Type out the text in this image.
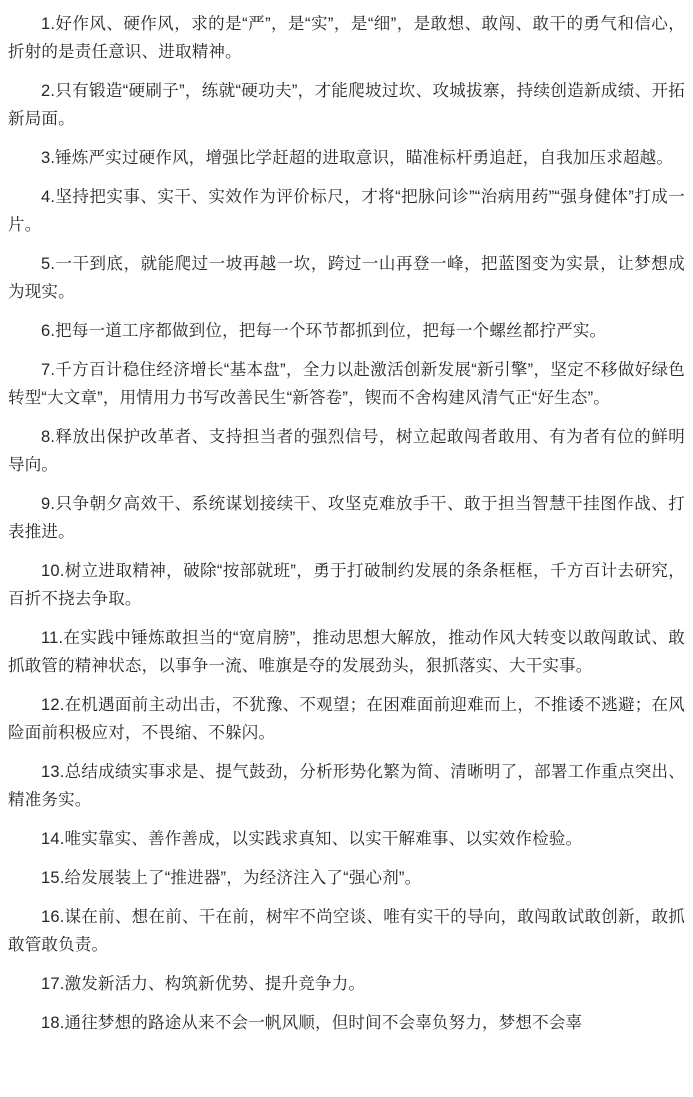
1.好作风、硬作风，求的是“严”，是“实”，是“细”，是敢想、敢闯、敢干的勇气和信心，折射的是责任意识、进取精神。

2.只有锻造“硬刷子”，练就“硬功夫”，才能爬坡过坎、攻城拔寨，持续创造新成绩、开拓新局面。

3.锤炼严实过硬作风，增强比学赶超的进取意识，瞄准标杆勇追赶，自我加压求超越。

4.坚持把实事、实干、实效作为评价标尺，才将“把脉问诊”“治病用药”“强身健体”打成一片。

5.一干到底，就能爬过一坡再越一坎，跨过一山再登一峰，把蓝图变为实景，让梦想成为现实。

6.把每一道工序都做到位，把每一个环节都抓到位，把每一个螺丝都拧严实。

7.千方百计稳住经济增长“基本盘”，全力以赴激活创新发展“新引擎”，坚定不移做好绿色转型“大文章”，用情用力书写改善民生“新答卷”，锲而不舍构建风清气正“好生态”。

8.释放出保护改革者、支持担当者的强烈信号，树立起敢闯者敢用、有为者有位的鲜明导向。

9.只争朝夕高效干、系统谋划接续干、攻坚克难放手干、敢于担当智慧干挂图作战、打表推进。

10.树立进取精神，破除“按部就班”，勇于打破制约发展的条条框框，千方百计去研究，百折不挠去争取。

11.在实践中锤炼敢担当的“宽肩膀”，推动思想大解放，推动作风大转变以敢闯敢试、敢抓敢管的精神状态，以事争一流、唯旗是夺的发展劲头，狠抓落实、大干实事。

12.在机遇面前主动出击，不犹豫、不观望；在困难面前迎难而上，不推诿不逃避；在风险面前积极应对，不畏缩、不躲闪。

13.总结成绩实事求是、提气鼓劲，分析形势化繁为简、清晰明了，部署工作重点突出、精准务实。

14.唯实靠实、善作善成，以实践求真知、以实干解难事、以实效作检验。

15.给发展装上了“推进器”，为经济注入了“强心剂”。

16.谋在前、想在前、干在前，树牢不尚空谈、唯有实干的导向，敢闯敢试敢创新，敢抓敢管敢负责。

17.激发新活力、构筑新优势、提升竞争力。

18.通往梦想的路途从来不会一帆风顺，但时间不会辜负努力，梦想不会辜
